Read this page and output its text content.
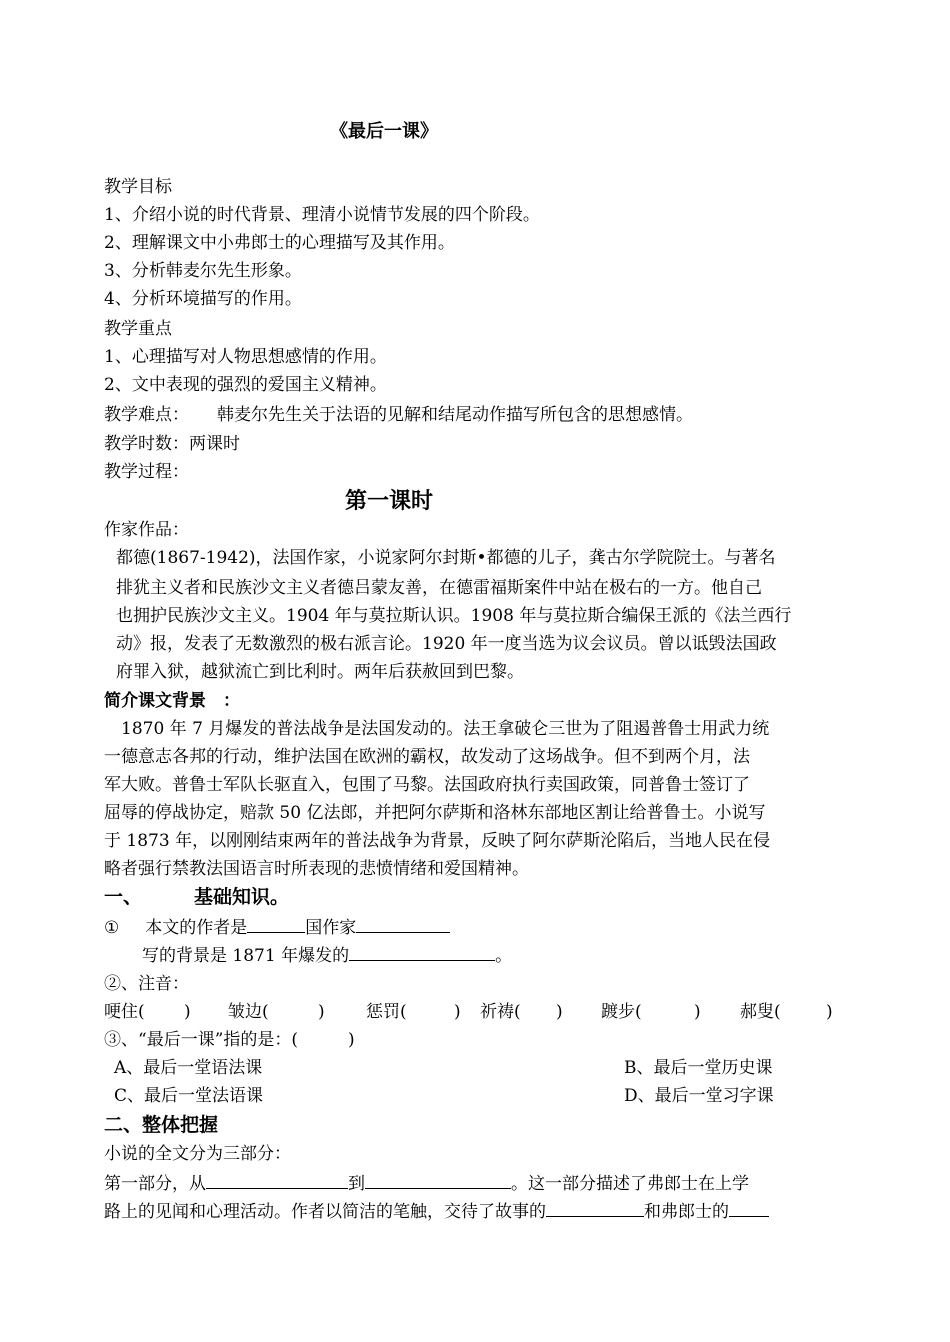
《最后一课》
教学目标
1、介绍小说的时代背景、理清小说情节发展的四个阶段。
2、理解课文中小弗郎士的心理描写及其作用。
3、分析韩麦尔先生形象。
4、分析环境描写的作用。
教学重点
1、心理描写对人物思想感情的作用。
2、文中表现的强烈的爱国主义精神。
教学难点： 韩麦尔先生关于法语的见解和结尾动作描写所包含的思想感情。
教学时数：两课时
教学过程：
第一课时
作家作品：
都德(1867-1942)，法国作家，小说家阿尔封斯•都德的儿子，龚古尔学院院士。与著名
排犹主义者和民族沙文主义者德吕蒙友善，在德雷福斯案件中站在极右的一方。他自己
也拥护民族沙文主义。1904 年与莫拉斯认识。1908 年与莫拉斯合编保王派的《法兰西行
动》报，发表了无数激烈的极右派言论。1920 年一度当选为议会议员。曾以诋毁法国政
府罪入狱，越狱流亡到比利时。两年后获赦回到巴黎。
简介课文背景　：
　1870 年 7 月爆发的普法战争是法国发动的。法王拿破仑三世为了阻遏普鲁士用武力统
一德意志各邦的行动，维护法国在欧洲的霸权，故发动了这场战争。但不到两个月，法
军大败。普鲁士军队长驱直入，包围了马黎。法国政府执行卖国政策，同普鲁士签订了
屈辱的停战协定，赔款 50 亿法郎，并把阿尔萨斯和洛林东部地区割让给普鲁士。小说写
于 1873 年，以刚刚结束两年的普法战争为背景，反映了阿尔萨斯沦陷后，当地人民在侵
略者强行禁教法国语言时所表现的悲愤情绪和爱国精神。
一、	基础知识。
① 本文的作者是	国作家
写的背景是 1871 年爆发的	。
②、注音：
哽住( ) 皱边(	) 惩罚(	) 祈祷( ) 踱步(	) 郝叟(	)
③、“最后一课”指的是：(	)
A、最后一堂语法课	B、最后一堂历史课
C、最后一堂法语课	D、最后一堂习字课
二、整体把握
小说的全文分为三部分：
第一部分，从	到	。这一部分描述了弗郎士在上学
路上的见闻和心理活动。作者以简洁的笔触，交待了故事的	和弗郎士的
